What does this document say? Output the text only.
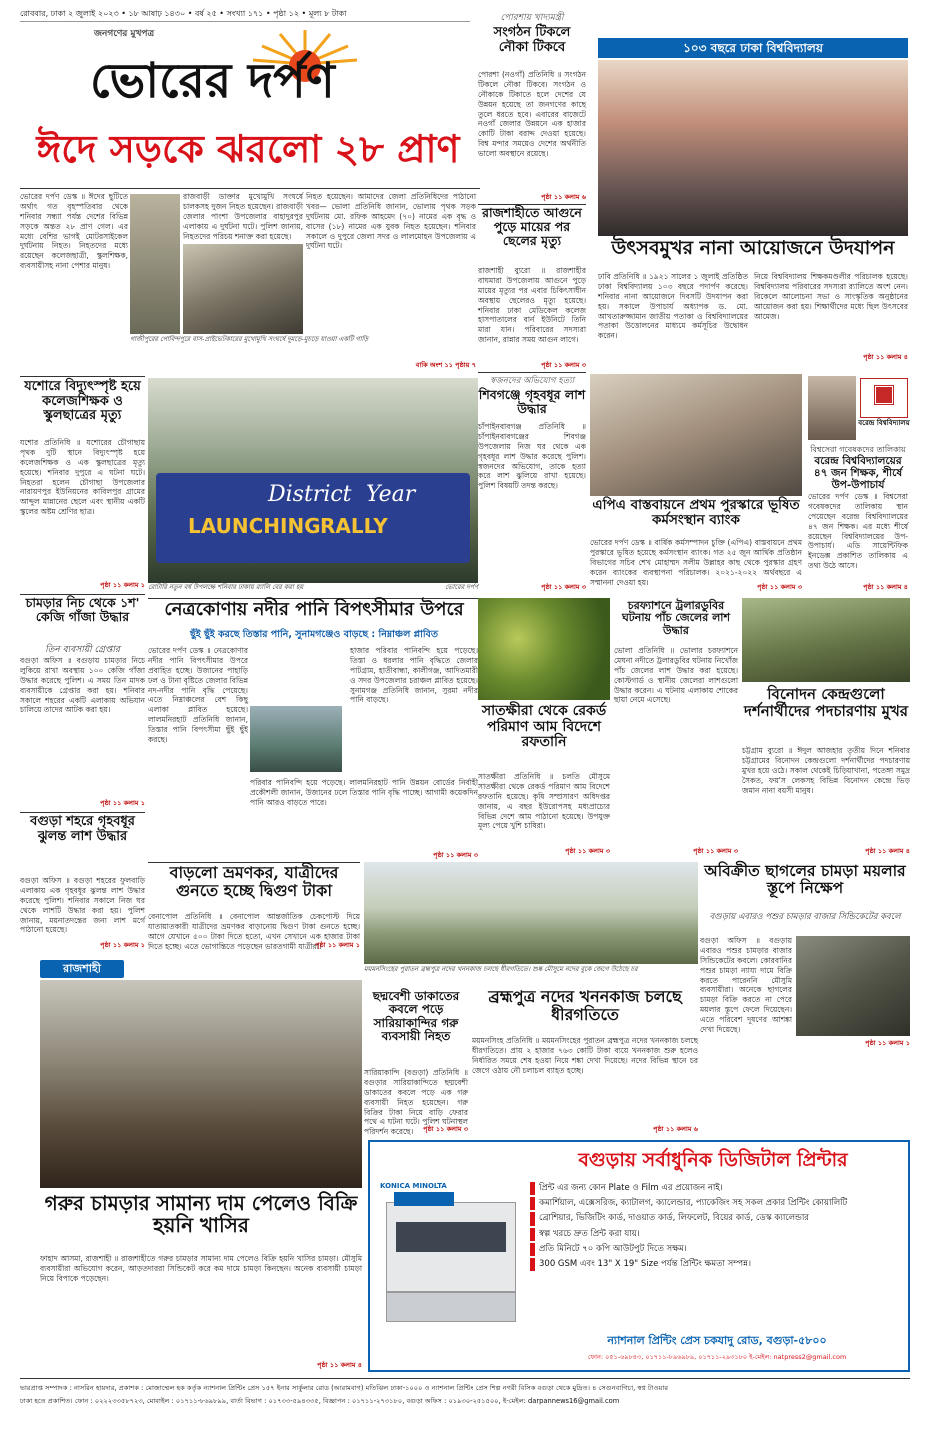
রোববার, ঢাকা ২ জুলাই ২০২৩ • ১৮ আষাঢ় ১৪৩০ • বর্ষ ২৫ • সংখ্যা ১৭১ • পৃষ্ঠা ১২ • মূল্য ৮ টাকা
জনগণের মুখপত্র
ভোরের দর্পণ
ঈদে সড়কে ঝরলো ২৮ প্রাণ
ভোরের দর্পণ ডেস্ক ॥ ঈদের ছুটিতে অর্থাৎ গত বৃহস্পতিবার থেকে শনিবার সন্ধ্যা পর্যন্ত দেশের বিভিন্ন সড়কে অন্তত ২৮ প্রাণ গেল। এর মধ্যে বেশির ভাগই মোটরসাইকেল দুর্ঘটনায় নিহত। নিহতদের মধ্যে রয়েছেন কলেজছাত্রী, স্কুলশিক্ষক, ব্যবসায়ীসহ নানা পেশার মানুষ।
রাজবাড়ী ডাক্তার মুখোমুখি সংঘর্ষে চালকসহ দুজন নিহত হয়েছেন। রাজবাড়ী জেলার পাংশা উপজেলার বাহাদুরপুর এলাকায় এ দুর্ঘটনা ঘটে। পুলিশ জানায়, নিহতদের পরিচয় শনাক্ত করা হয়েছে।
নিহত হয়েছেন। আমাদের জেলা প্রতিনিধিদের পাঠানো খবর— ভোলা প্রতিনিধি জানান, ভোলায় পৃথক সড়ক দুর্ঘটনায় মো. রফিক আহমেদ (৭০) নামের এক বৃদ্ধ ও বাসের (১৮) নামের এক যুবক নিহত হয়েছেন। শনিবার সকালে ও দুপুরে জেলা সদর ও লালমোহন উপজেলায় এ দুর্ঘটনা ঘটে।
গাজীপুরের গোবিন্দপুরে বাস-প্রাইভেটকারের মুখোমুখি সংঘর্ষে দুমড়ে-মুচড়ে যাওয়া একটি গাড়ি
বাকি অংশ ১১ পৃষ্ঠায় ৭
যশোরে বিদ্যুৎস্পৃষ্ট হয়ে কলেজশিক্ষক ও স্কুলছাত্রের মৃত্যু
যশোর প্রতিনিধি ॥ যশোরের চৌগাছায় পৃথক দুটি স্থানে বিদ্যুৎস্পৃষ্ট হয়ে কলেজশিক্ষক ও এক স্কুলছাত্রের মৃত্যু হয়েছে। শনিবার দুপুরে এ ঘটনা ঘটে। নিহতরা হলেন চৌগাছা উপজেলার নারায়ণপুর ইউনিয়নের কাবিলপুর গ্রামের আব্দুল মান্নানের ছেলে এবং স্থানীয় একটি স্কুলের অষ্টম শ্রেণির ছাত্র।
পৃষ্ঠা ১১ কলাম ১
District Year
LAUNCHING RALLY
রোটারি নতুন বর্ষ উপলক্ষে শনিবার ঢাকায় র‍্যালি বের করা হয়	ভোরের দর্পণ
চামড়ার নিচ থেকে ১শ' কেজি গাঁজা উদ্ধার
তিন ব্যবসায়ী গ্রেপ্তার
বগুড়া অফিস ॥ বগুড়ায় চামড়ার নিচে লুকিয়ে রাখা অবস্থায় ১০০ কেজি গাঁজা উদ্ধার করেছে পুলিশ। এ সময় তিন মাদক ব্যবসায়ীকে গ্রেপ্তার করা হয়। শনিবার সকালে শহরের একটি এলাকায় অভিযান চালিয়ে তাদের আটক করা হয়।
পৃষ্ঠা ১১ কলাম ১
বগুড়া শহরে গৃহবধূর ঝুলন্ত লাশ উদ্ধার
বগুড়া অফিস ॥ বগুড়া শহরের ফুলবাড়ি এলাকায় এক গৃহবধূর ঝুলন্ত লাশ উদ্ধার করেছে পুলিশ। শনিবার সকালে নিজ ঘর থেকে লাশটি উদ্ধার করা হয়। পুলিশ জানায়, ময়নাতদন্তের জন্য লাশ মর্গে পাঠানো হয়েছে।
পৃষ্ঠা ১১ কলাম ১
পোরশায় খাদ্যমন্ত্রী
সংগঠন টিকলে নৌকা টিকবে
পোরশা (নওগাঁ) প্রতিনিধি ॥ সংগঠন টিকলে নৌকা টিকবে। সংগঠন ও নৌকাকে টিকাতে হলে দেশের যে উন্নয়ন হয়েছে তা জনগণের কাছে তুলে ধরতে হবে। এবারের বাজেটে নওগাঁ জেলার উন্নয়নে এক হাজার কোটি টাকা বরাদ্দ দেওয়া হয়েছে। বিশ্ব মন্দার সময়েও দেশের অর্থনীতি ভালো অবস্থানে রয়েছে।
পৃষ্ঠা ১১ কলাম ৬
রাজশাহীতে আগুনে পুড়ে মায়ের পর ছেলের মৃত্যু
রাজশাহী ব্যুরো ॥ রাজশাহীর বাঘমারা উপজেলায় আগুনে পুড়ে মায়ের মৃত্যুর পর এবার চিকিৎসাধীন অবস্থায় ছেলেরও মৃত্যু হয়েছে। শনিবার ঢাকা মেডিকেল কলেজ হাসপাতালের বার্ন ইউনিটে তিনি মারা যান। পরিবারের সদস্যরা জানান, রান্নার সময় আগুন লাগে।
পৃষ্ঠা ১১ কলাম ৩
স্বজনদের অভিযোগ হত্যা
শিবগঞ্জে গৃহবধূর লাশ উদ্ধার
চাঁপাইনবাবগঞ্জ প্রতিনিধি ॥ চাঁপাইনবাবগঞ্জের শিবগঞ্জ উপজেলায় নিজ ঘর থেকে এক গৃহবধূর লাশ উদ্ধার করেছে পুলিশ। স্বজনদের অভিযোগ, তাকে হত্যা করে লাশ ঝুলিয়ে রাখা হয়েছে। পুলিশ বিষয়টি তদন্ত করছে।
পৃষ্ঠা ১১ কলাম ৩
১০৩ বছরে ঢাকা বিশ্ববিদ্যালয়
উৎসবমুখর নানা আয়োজনে উদযাপন
ঢাবি প্রতিনিধি ॥ ১৯২১ সালের ১ জুলাই প্রতিষ্ঠিত ঢাকা বিশ্ববিদ্যালয় ১০৩ বছরে পদার্পণ করেছে। শনিবার নানা আয়োজনে দিবসটি উদযাপন করা হয়। সকালে উপাচার্য অধ্যাপক ড. মো. আখতারুজ্জামান জাতীয় পতাকা ও বিশ্ববিদ্যালয়ের পতাকা উত্তোলনের মাধ্যমে কর্মসূচির উদ্বোধন করেন।
নিয়ে বিশ্ববিদ্যালয় শিক্ষকমণ্ডলীর পরিচালক হয়েছে। বিশ্ববিদ্যালয় পরিবারের সদস্যরা র‍্যালিতে অংশ নেন। বিকেলে আলোচনা সভা ও সাংস্কৃতিক অনুষ্ঠানের আয়োজন করা হয়। শিক্ষার্থীদের মধ্যে ছিল উৎসবের আমেজ।
পৃষ্ঠা ১১ কলাম ৪
এপিএ বাস্তবায়নে প্রথম পুরস্কারে ভূষিত কর্মসংস্থান ব্যাংক
ভোরের দর্পণ ডেস্ক ॥ বার্ষিক কর্মসম্পাদন চুক্তি (এপিএ) বাস্তবায়নে প্রথম পুরস্কারে ভূষিত হয়েছে কর্মসংস্থান ব্যাংক। গত ২৫ জুন আর্থিক প্রতিষ্ঠান বিভাগের সচিব শেখ মোহাম্মদ সলীম উল্লাহর কাছ থেকে পুরস্কার গ্রহণ করেন ব্যাংকের ব্যবস্থাপনা পরিচালক। ২০২১-২০২২ অর্থবছরে এ সম্মাননা দেওয়া হয়।
পৃষ্ঠা ১১ কলাম ৩
বরেন্দ্র বিশ্ববিদ্যালয়
বিশ্বসেরা গবেষকদের তালিকায়
বরেন্দ্র বিশ্ববিদ্যালয়ের ৪৭ জন শিক্ষক, শীর্ষে উপ-উপাচার্য
ভোরের দর্পণ ডেস্ক ॥ বিশ্বসেরা গবেষকদের তালিকায় স্থান পেয়েছেন বরেন্দ্র বিশ্ববিদ্যালয়ের ৪৭ জন শিক্ষক। এর মধ্যে শীর্ষে রয়েছেন বিশ্ববিদ্যালয়ের উপ-উপাচার্য। এডি সায়েন্টিফিক ইনডেক্স প্রকাশিত তালিকায় এ তথ্য উঠে আসে।
পৃষ্ঠা ১১ কলাম ৪
নেত্রকোণায় নদীর পানি বিপৎসীমার উপরে
ছুঁই ছুঁই করছে তিস্তার পানি, সুনামগঞ্জেও বাড়ছে : নিম্নাঞ্চল প্লাবিত
ভোরের দর্পণ ডেস্ক ॥ নেত্রকোণার নদীর পানি বিপৎসীমার উপরে প্রবাহিত হচ্ছে। উজানের পাহাড়ি ঢল ও টানা বৃষ্টিতে জেলার বিভিন্ন নদ-নদীর পানি বৃদ্ধি পেয়েছে। এতে নিম্নাঞ্চলের বেশ কিছু এলাকা প্লাবিত হয়েছে। লালমনিরহাট প্রতিনিধি জানান, তিস্তার পানি বিপৎসীমা ছুঁই ছুঁই করছে।
হাজার পরিবার পানিবন্দি হয়ে পড়েছে। তিস্তা ও ধরলার পানি বৃদ্ধিতে জেলার পাটগ্রাম, হাতীবান্ধা, কালীগঞ্জ, আদিতমারী ও সদর উপজেলার চরাঞ্চল প্লাবিত হয়েছে। সুনামগঞ্জ প্রতিনিধি জানান, সুরমা নদীর পানি বাড়ছে।
পরিবার পানিবন্দি হয়ে পড়েছে। লালমনিরহাট পানি উন্নয়ন বোর্ডের নির্বাহী প্রকৌশলী জানান, উজানের ঢলে তিস্তার পানি বৃদ্ধি পাচ্ছে। আগামী কয়েকদিন পানি আরও বাড়তে পারে।
পৃষ্ঠা ১১ কলাম ৩
সাতক্ষীরা থেকে রেকর্ড পরিমাণ আম বিদেশে রফতানি
সাতক্ষীরা প্রতিনিধি ॥ চলতি মৌসুমে সাতক্ষীরা থেকে রেকর্ড পরিমাণ আম বিদেশে রফতানি হয়েছে। কৃষি সম্প্রসারণ অধিদপ্তর জানায়, এ বছর ইউরোপসহ মধ্যপ্রাচ্যের বিভিন্ন দেশে আম পাঠানো হয়েছে। উপযুক্ত মূল্য পেয়ে খুশি চাষিরা।
পৃষ্ঠা ১১ কলাম ৩
চরফ্যাশনে ট্রলারডুবির ঘটনায় পাঁচ জেলের লাশ উদ্ধার
ভোলা প্রতিনিধি ॥ ভোলার চরফ্যাশনে মেঘনা নদীতে ট্রলারডুবির ঘটনায় নিখোঁজ পাঁচ জেলের লাশ উদ্ধার করা হয়েছে। কোস্টগার্ড ও স্থানীয় জেলেরা লাশগুলো উদ্ধার করেন। এ ঘটনায় এলাকায় শোকের ছায়া নেমে এসেছে।
পৃষ্ঠা ১১ কলাম ৩
বিনোদন কেন্দ্রগুলো দর্শনার্থীদের পদচারণায় মুখর
চট্টগ্রাম ব্যুরো ॥ ঈদুল আজহার তৃতীয় দিনে শনিবার চট্টগ্রামের বিনোদন কেন্দ্রগুলো দর্শনার্থীদের পদচারণায় মুখর হয়ে ওঠে। সকাল থেকেই চিড়িয়াখানা, পতেঙ্গা সমুদ্র সৈকত, ফয়'স লেকসহ বিভিন্ন বিনোদন কেন্দ্রে ভিড় জমান নানা বয়সী মানুষ।
পৃষ্ঠা ১১ কলাম ৪
বাড়লো ভ্রমণকর, যাত্রীদের গুনতে হচ্ছে দ্বিগুণ টাকা
বেনাপোল প্রতিনিধি ॥ বেনাপোল আন্তর্জাতিক চেকপোস্ট দিয়ে যাতায়াতকারী যাত্রীদের ভ্রমণকর বাড়ানোয় দ্বিগুণ টাকা গুনতে হচ্ছে। আগে যেখানে ৫০০ টাকা দিতে হতো, এখন সেখানে এক হাজার টাকা দিতে হচ্ছে। এতে ভোগান্তিতে পড়েছেন ভারতগামী যাত্রীরা।
পৃষ্ঠা ১১ কলাম ১
ময়মনসিংহের পুরাতন ব্রহ্মপুত্র নদের খননকাজ চলছে ধীরগতিতে। শুষ্ক মৌসুমে নদের বুকে জেগে উঠেছে চর
অবিক্রীত ছাগলের চামড়া ময়লার স্তূপে নিক্ষেপ
বগুড়ায় এবারও পশুর চামড়ার বাজার সিন্ডিকেটের কবলে
বগুড়া অফিস ॥ বগুড়ায় এবারও পশুর চামড়ার বাজার সিন্ডিকেটের কবলে। কোরবানির পশুর চামড়া ন্যায্য দামে বিক্রি করতে পারেননি মৌসুমি ব্যবসায়ীরা। অনেকে ছাগলের চামড়া বিক্রি করতে না পেরে ময়লার স্তূপে ফেলে দিয়েছেন। এতে পরিবেশ দূষণের আশঙ্কা দেখা দিয়েছে।
পৃষ্ঠা ১১ কলাম ১
রাজশাহী
গরুর চামড়ার সামান্য দাম পেলেও বিক্রি হয়নি খাসির
ফাহাদ আসমা, রাজশাহী ॥ রাজশাহীতে গরুর চামড়ার সামান্য দাম পেলেও বিক্রি হয়নি খাসির চামড়া। মৌসুমি ব্যবসায়ীরা অভিযোগ করেন, আড়তদাররা সিন্ডিকেট করে কম দামে চামড়া কিনছেন। অনেক ব্যবসায়ী চামড়া নিয়ে বিপাকে পড়েছেন।
পৃষ্ঠা ১১ কলাম ৪
ছদ্মবেশী ডাকাতের কবলে পড়ে সারিয়াকান্দির গরু ব্যবসায়ী নিহত
সারিয়াকান্দি (বগুড়া) প্রতিনিধি ॥ বগুড়ার সারিয়াকান্দিতে ছদ্মবেশী ডাকাতের কবলে পড়ে এক গরু ব্যবসায়ী নিহত হয়েছেন। গরু বিক্রির টাকা নিয়ে বাড়ি ফেরার পথে এ ঘটনা ঘটে। পুলিশ ঘটনাস্থল পরিদর্শন করেছে।	পৃষ্ঠা ১১ কলাম ৩
ব্রহ্মপুত্র নদের খননকাজ চলছে ধীরগতিতে
ময়মনসিংহ প্রতিনিধি ॥ ময়মনসিংহের পুরাতন ব্রহ্মপুত্র নদের খননকাজ চলছে ধীরগতিতে। প্রায় ২ হাজার ৭৬৩ কোটি টাকা ব্যয়ে খননকাজ শুরু হলেও নির্ধারিত সময়ে শেষ হওয়া নিয়ে শঙ্কা দেখা দিয়েছে। নদের বিভিন্ন স্থানে চর জেগে ওঠায় নৌ চলাচল ব্যাহত হচ্ছে।
পৃষ্ঠা ১১ কলাম ৬
বগুড়ায় সর্বাধুনিক ডিজিটাল প্রিন্টার
KONICA MINOLTA	প্রিন্ট এর জন্য কোন Plate ও Film এর প্রয়োজন নাই।
কমার্শিয়াল, এক্সেসরিজ, ক্যাটালগ, ক্যালেন্ডার, প্যাকেজিং সহ সকল প্রকার প্রিন্টিং কোয়ালিটি
ব্রোশিয়ার, ভিজিটিং কার্ড, দাওয়াত কার্ড, লিফলেট, বিয়ের কার্ড, ডেস্ক ক্যালেন্ডার
স্বল্প খরচে দ্রুত প্রিন্ট করা যায়।
প্রতি মিনিটে ৭০ কপি আউটপুট দিতে সক্ষম।
300 GSM এবং 13" X 19" Size পর্যন্ত প্রিন্টিং ক্ষমতা সম্পন্ন।
ন্যাশনাল প্রিন্টিং প্রেস চকযাদু রোড, বগুড়া-৫৮০০
ফোন: ০৫১-৬৯৮৪৩, ০১৭১১-৮৯৬৯৮৯, ০১৭১১-২৯৩১৮০ ই-মেইল: natpress2@gmail.com
ভারপ্রাপ্ত সম্পাদক : নাসরিন হায়দার, প্রকাশক : মোজাম্মেল হক কর্তৃক ন্যাশনাল প্রিন্টিং প্রেস ১৫৭ ইনার সার্কুলার রোড (আরামবাগ) মতিঝিল ঢাকা-১০০০ ও ন্যাশনাল প্রিন্টিং প্রেস শিল্প নগরী বিসিক বগুড়া থেকে মুদ্রিত। ৪ সেগুনবাগিচা, স্বপ্ন টাওয়ার
ঢাকা হতে প্রকাশিত। ফোন : ০২২২৩৩৫৮৭২৩, মোবাইল : ০১৭১১-৮৬৯৮৯৯, বার্তা বিভাগ : ০১৭৩৩-৫৯৪৩৩৫, বিজ্ঞাপন : ০১৭১১-২৭৩১৮০, বগুড়া অফিস : ০১৯৩০-২৫১৫০০, ই-মেইল: darpannews16@gmail.com
